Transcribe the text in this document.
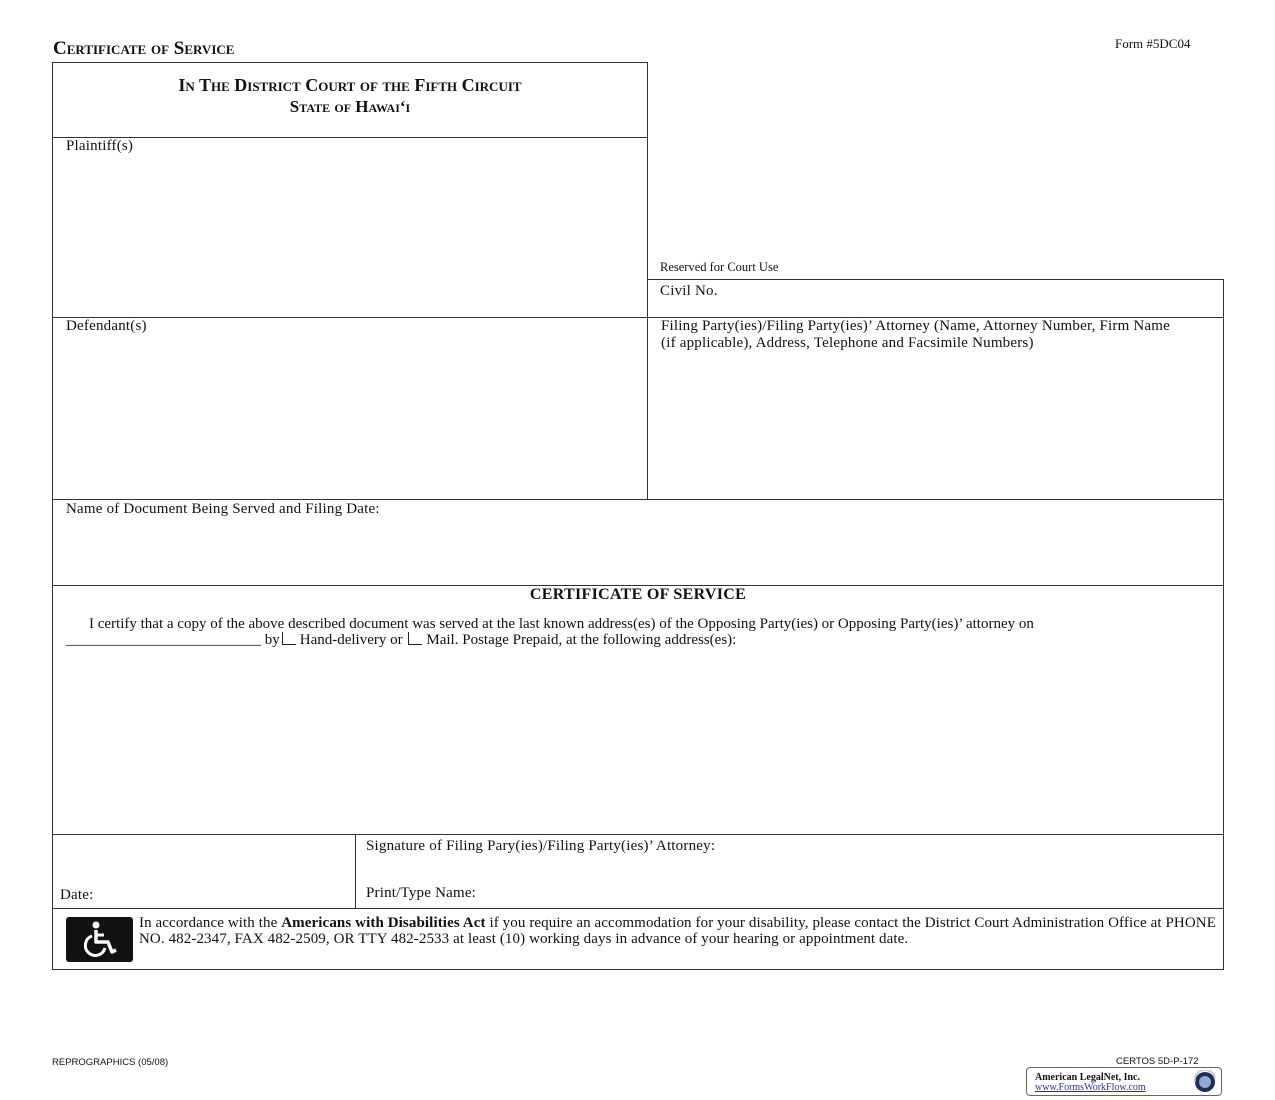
Certificate of Service	Form #5DC04
In The District Court of the Fifth Circuit
State of Hawai‘i
Plaintiff(s)
Reserved for Court Use
Civil No.
Defendant(s)	Filing Party(ies)/Filing Party(ies)’ Attorney (Name, Attorney Number, Firm Name (if applicable), Address, Telephone and Facsimile Numbers)
Name of Document Being Served and Filing Date:
CERTIFICATE OF SERVICE
I certify that a copy of the above described document was served at the last known address(es) of the Opposing Party(ies) or Opposing Party(ies)’ attorney on __________________________ by Hand-delivery or Mail. Postage Prepaid, at the following address(es):
Date:
Signature of Filing Pary(ies)/Filing Party(ies)’ Attorney:
Print/Type Name:
In accordance with the Americans with Disabilities Act if you require an accommodation for your disability, please contact the District Court Administration Office at PHONE NO. 482-2347, FAX 482-2509, OR TTY 482-2533 at least (10) working days in advance of your hearing or appointment date.
REPROGRAPHICS (05/08)	CERTOS 5D-P-172
American LegalNet, Inc.
www.FormsWorkFlow.com
